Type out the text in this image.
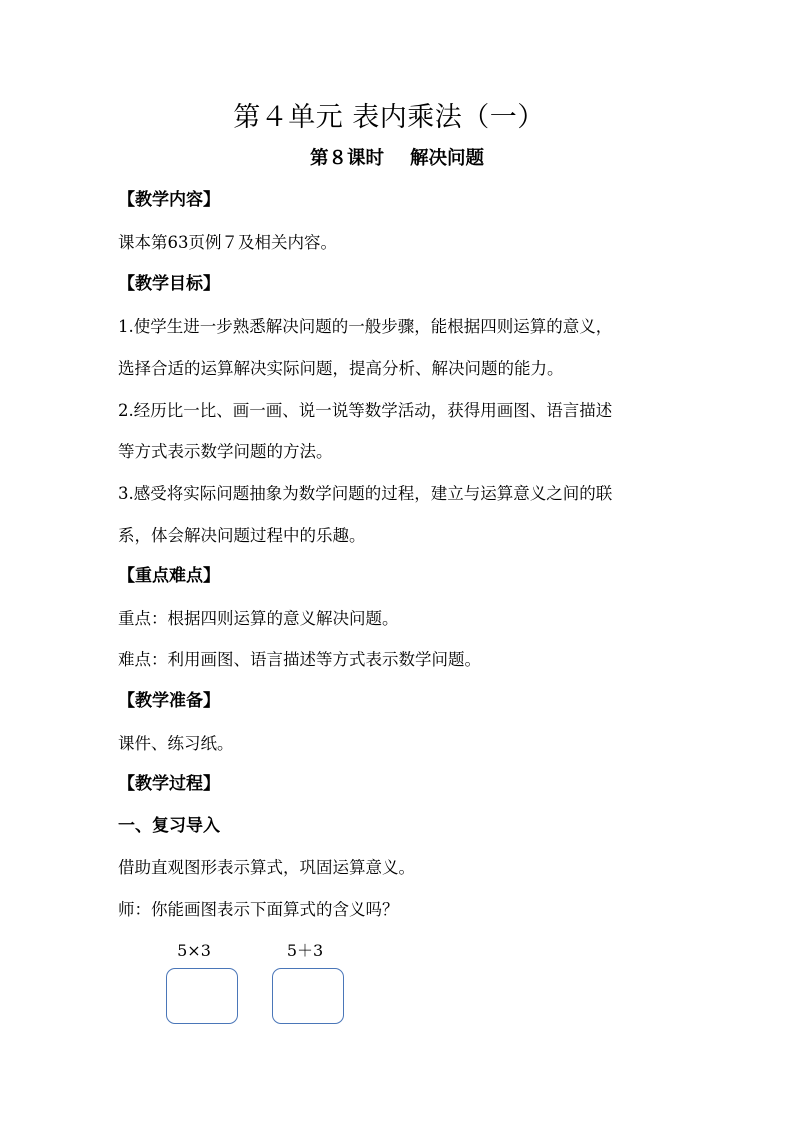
第４单元 表内乘法（一）
第８课时 解决问题
【教学内容】
课本第63页例７及相关内容。
【教学目标】
1.使学生进一步熟悉解决问题的一般步骤，能根据四则运算的意义，
选择合适的运算解决实际问题，提高分析、解决问题的能力。
2.经历比一比、画一画、说一说等数学活动，获得用画图、语言描述
等方式表示数学问题的方法。
3.感受将实际问题抽象为数学问题的过程，建立与运算意义之间的联
系，体会解决问题过程中的乐趣。
【重点难点】
重点：根据四则运算的意义解决问题。
难点：利用画图、语言描述等方式表示数学问题。
【教学准备】
课件、练习纸。
【教学过程】
一、复习导入
借助直观图形表示算式，巩固运算意义。
师：你能画图表示下面算式的含义吗？
5×3	5＋3
